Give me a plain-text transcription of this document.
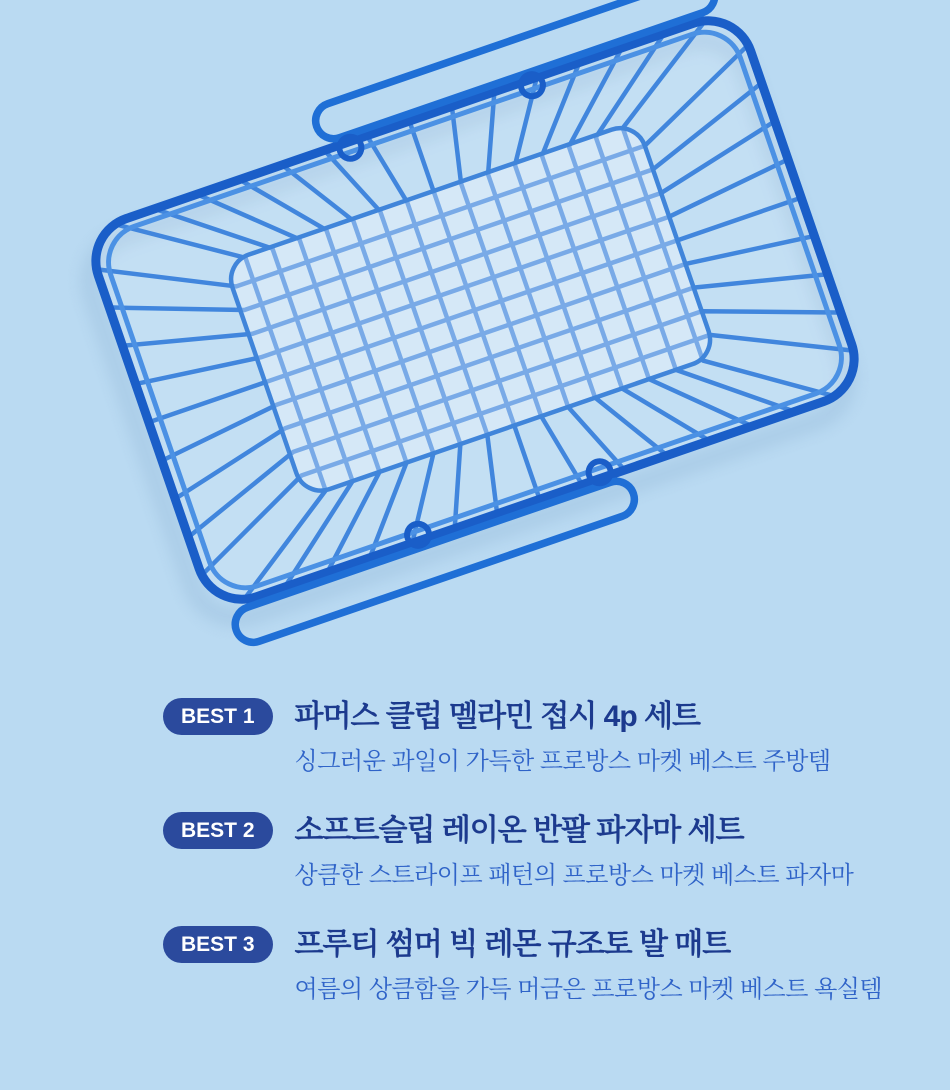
BEST 1	파머스 클럽 멜라민 접시 4p 세트
싱그러운 과일이 가득한 프로방스 마켓 베스트 주방템
BEST 2	소프트슬립 레이온 반팔 파자마 세트
상큼한 스트라이프 패턴의 프로방스 마켓 베스트 파자마
BEST 3	프루티 썸머 빅 레몬 규조토 발 매트
여름의 상큼함을 가득 머금은 프로방스 마켓 베스트 욕실템
